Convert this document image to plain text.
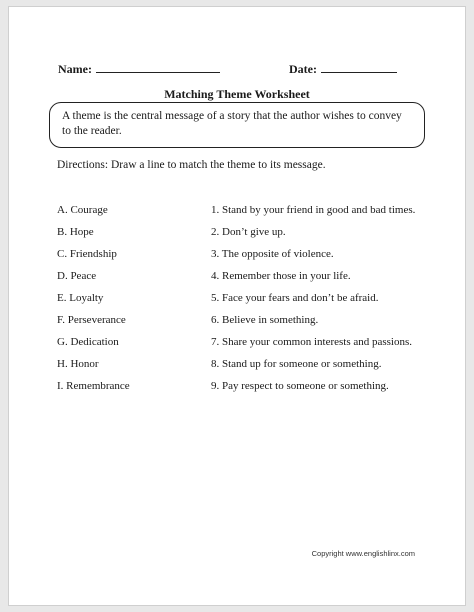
Name:	Date:
Matching Theme Worksheet
A theme is the central message of a story that the author wishes to convey to the reader.
Directions: Draw a line to match the theme to its message.
A. Courage
B. Hope
C. Friendship
D. Peace
E. Loyalty
F. Perseverance
G. Dedication
H. Honor
I. Remembrance
1. Stand by your friend in good and bad times.
2. Don’t give up.
3. The opposite of violence.
4. Remember those in your life.
5. Face your fears and don’t be afraid.
6. Believe in something.
7. Share your common interests and passions.
8. Stand up for someone or something.
9. Pay respect to someone or something.
Copyright www.englishlinx.com
